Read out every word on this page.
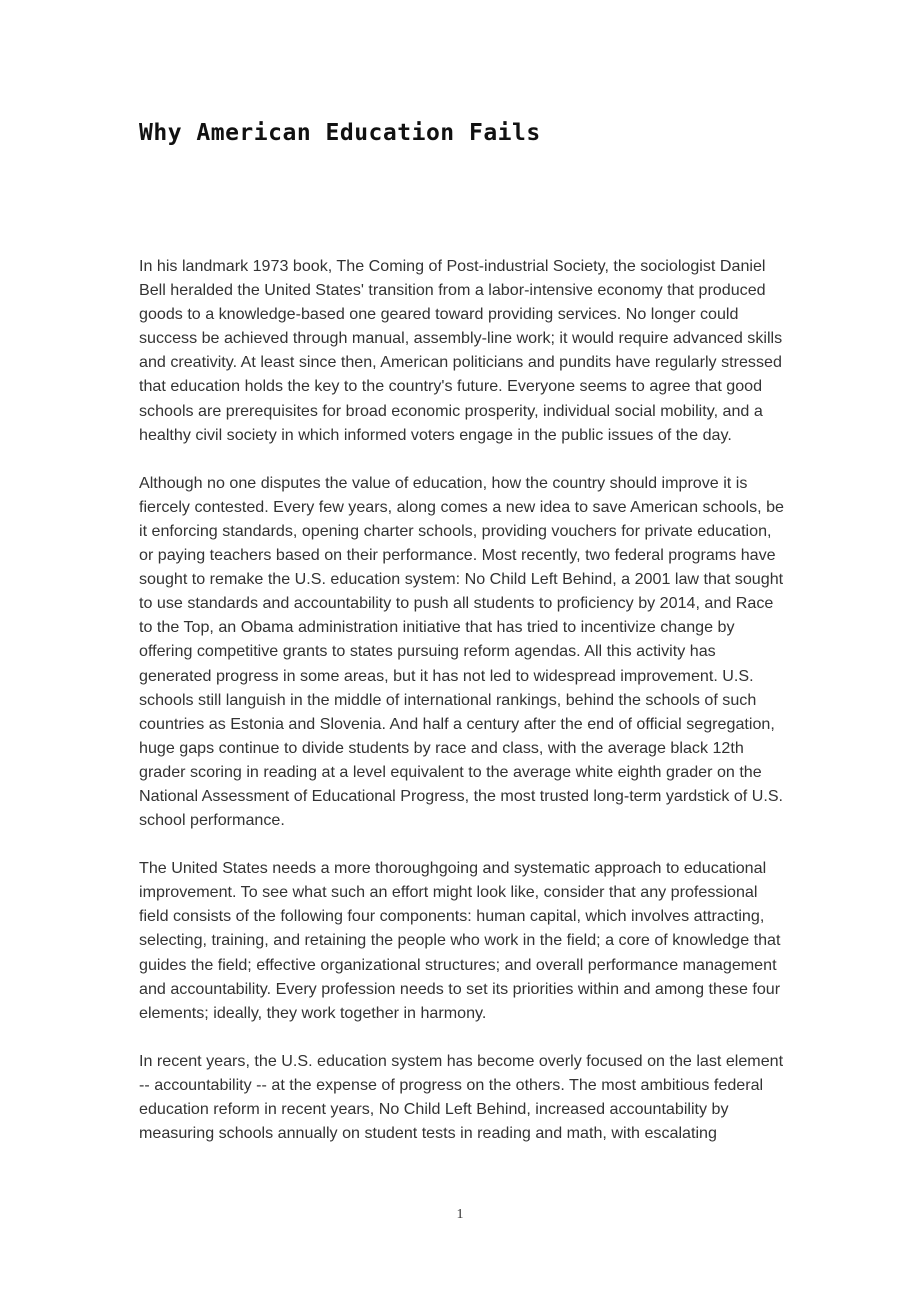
Why American Education Fails

In his landmark 1973 book, The Coming of Post-industrial Society, the sociologist Daniel Bell heralded the United States' transition from a labor-intensive economy that produced goods to a knowledge-based one geared toward providing services. No longer could success be achieved through manual, assembly-line work; it would require advanced skills and creativity. At least since then, American politicians and pundits have regularly stressed that education holds the key to the country's future. Everyone seems to agree that good schools are prerequisites for broad economic prosperity, individual social mobility, and a healthy civil society in which informed voters engage in the public issues of the day.

Although no one disputes the value of education, how the country should improve it is fiercely contested. Every few years, along comes a new idea to save American schools, be it enforcing standards, opening charter schools, providing vouchers for private education, or paying teachers based on their performance. Most recently, two federal programs have sought to remake the U.S. education system: No Child Left Behind, a 2001 law that sought to use standards and accountability to push all students to proficiency by 2014, and Race to the Top, an Obama administration initiative that has tried to incentivize change by offering competitive grants to states pursuing reform agendas. All this activity has generated progress in some areas, but it has not led to widespread improvement. U.S. schools still languish in the middle of international rankings, behind the schools of such countries as Estonia and Slovenia. And half a century after the end of official segregation, huge gaps continue to divide students by race and class, with the average black 12th grader scoring in reading at a level equivalent to the average white eighth grader on the National Assessment of Educational Progress, the most trusted long-term yardstick of U.S. school performance.

The United States needs a more thoroughgoing and systematic approach to educational improvement. To see what such an effort might look like, consider that any professional field consists of the following four components: human capital, which involves attracting, selecting, training, and retaining the people who work in the field; a core of knowledge that guides the field; effective organizational structures; and overall performance management and accountability. Every profession needs to set its priorities within and among these four elements; ideally, they work together in harmony.

In recent years, the U.S. education system has become overly focused on the last element -- accountability -- at the expense of progress on the others. The most ambitious federal education reform in recent years, No Child Left Behind, increased accountability by measuring schools annually on student tests in reading and math, with escalating

1
